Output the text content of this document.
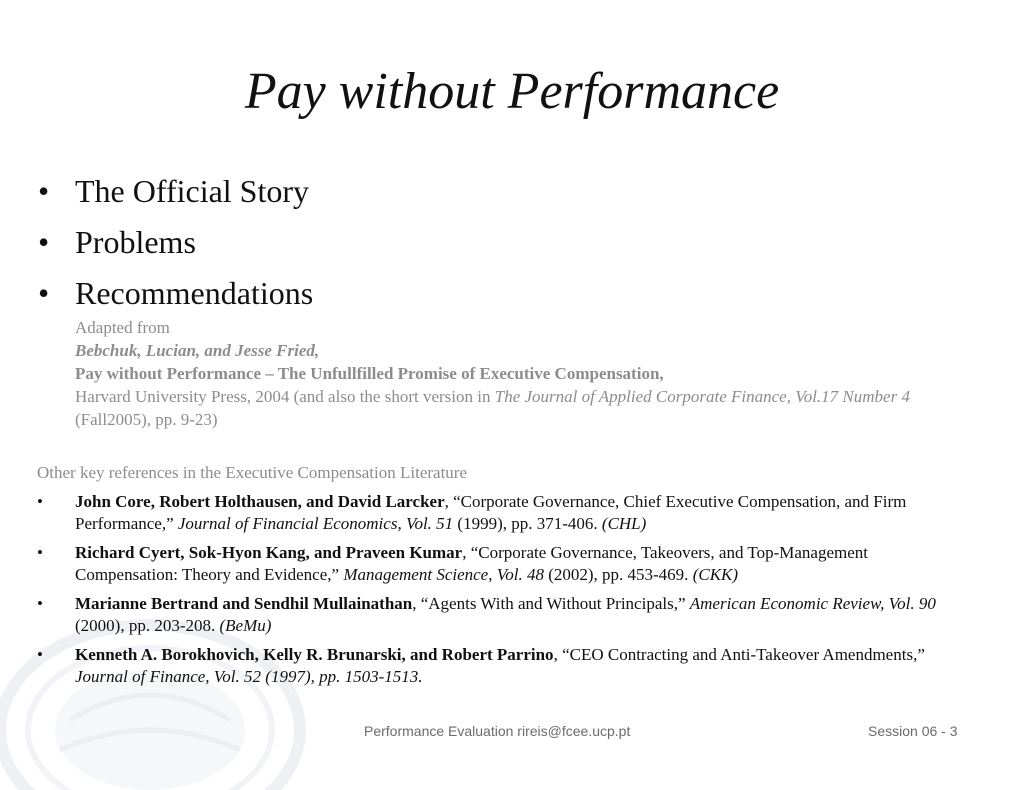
Pay without Performance
• The Official Story
• Problems
• Recommendations
Adapted from
Bebchuk, Lucian, and Jesse Fried,
Pay without Performance – The Unfullfilled Promise of Executive Compensation,
Harvard University Press, 2004 (and also the short version in The Journal of Applied Corporate Finance, Vol.17 Number 4 (Fall2005), pp. 9-23)
Other key references in the Executive Compensation Literature
• John Core, Robert Holthausen, and David Larcker, “Corporate Governance, Chief Executive Compensation, and Firm Performance,” Journal of Financial Economics, Vol. 51 (1999), pp. 371-406. (CHL)
• Richard Cyert, Sok-Hyon Kang, and Praveen Kumar, “Corporate Governance, Takeovers, and Top-Management Compensation: Theory and Evidence,” Management Science, Vol. 48 (2002), pp. 453-469. (CKK)
• Marianne Bertrand and Sendhil Mullainathan, “Agents With and Without Principals,” American Economic Review, Vol. 90 (2000), pp. 203-208. (BeMu)
• Kenneth A. Borokhovich, Kelly R. Brunarski, and Robert Parrino, “CEO Contracting and Anti-Takeover Amendments,” Journal of Finance, Vol. 52 (1997), pp. 1503-1513.
Performance Evaluation rireis@fcee.ucp.pt	Session 06 - 3
